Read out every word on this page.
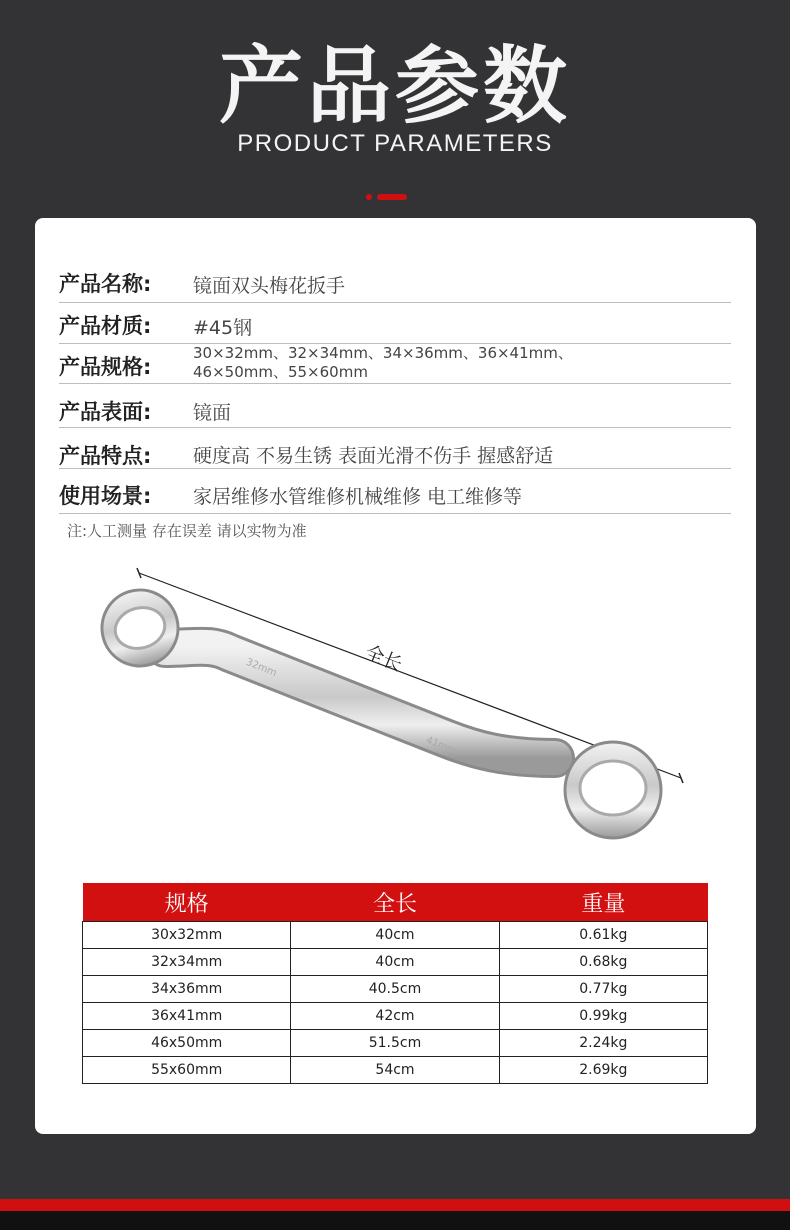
产品参数
PRODUCT PARAMETERS
产品名称: 镜面双头梅花扳手
产品材质: #45钢
产品规格:
30×32mm、32×34mm、34×36mm、36×41mm、
46×50mm、55×60mm
产品表面: 镜面
产品特点: 硬度高 不易生锈 表面光滑不伤手 握感舒适
使用场景: 家居维修水管维修机械维修 电工维修等
注:人工测量 存在误差 请以实物为准
全长
32mm
41mm
规格	全长	重量
30x32mm	40cm	0.61kg
32x34mm	40cm	0.68kg
34x36mm	40.5cm	0.77kg
36x41mm	42cm	0.99kg
46x50mm	51.5cm	2.24kg
55x60mm	54cm	2.69kg
